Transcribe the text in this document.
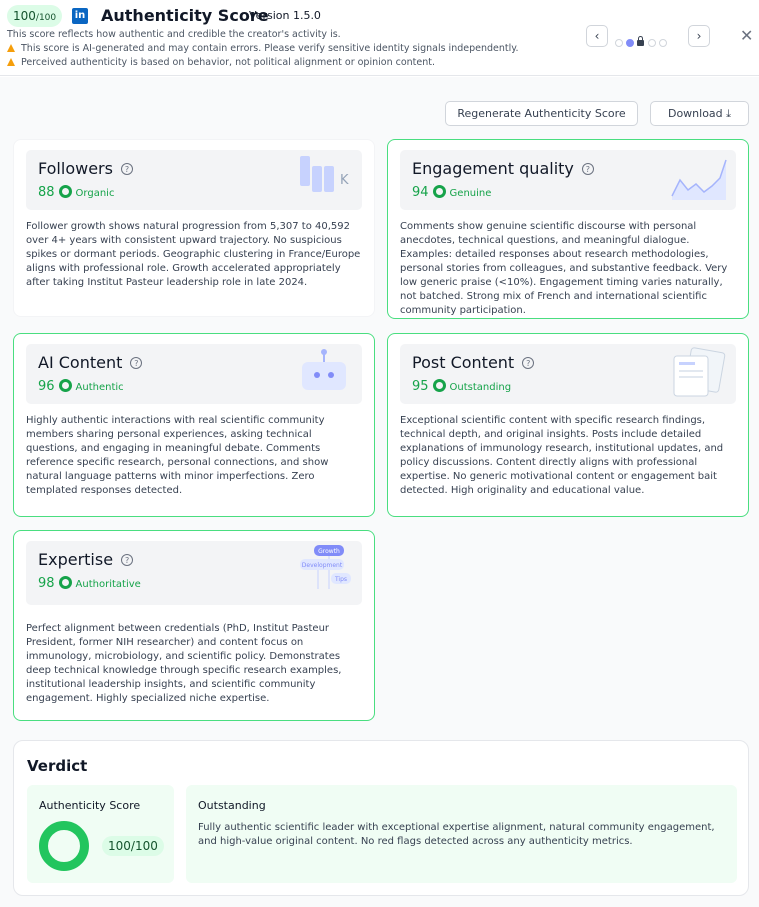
100/100	in Authenticity Score
Version 1.5.0
This score reflects how authentic and credible the creator's activity is.
This score is AI-generated and may contain errors. Please verify sensitive identity signals independently.
Perceived authenticity is based on behavior, not political alignment or opinion content.
‹	›	✕
Regenerate Authenticity Score	Download ⤓
Followers ?
88 Organic
K
Follower growth shows natural progression from 5,307 to 40,592 over 4+ years with consistent upward trajectory. No suspicious spikes or dormant periods. Geographic clustering in France/Europe aligns with professional role. Growth accelerated appropriately after taking Institut Pasteur leadership role in late 2024.
Engagement quality ?
94 Genuine
Comments show genuine scientific discourse with personal anecdotes, technical questions, and meaningful dialogue. Examples: detailed responses about research methodologies, personal stories from colleagues, and substantive feedback. Very low generic praise (<10%). Engagement timing varies naturally, not batched. Strong mix of French and international scientific community participation.
AI Content ?
96 Authentic
Highly authentic interactions with real scientific community members sharing personal experiences, asking technical questions, and engaging in meaningful debate. Comments reference specific research, personal connections, and show natural language patterns with minor imperfections. Zero templated responses detected.
Post Content ?
95 Outstanding
Exceptional scientific content with specific research findings, technical depth, and original insights. Posts include detailed explanations of immunology research, institutional updates, and policy discussions. Content directly aligns with professional expertise. No generic motivational content or engagement bait detected. High originality and educational value.
Expertise ?
98 Authoritative
Growth
Development
Tips
Perfect alignment between credentials (PhD, Institut Pasteur President, former NIH researcher) and content focus on immunology, microbiology, and scientific policy. Demonstrates deep technical knowledge through specific research examples, institutional leadership insights, and scientific community engagement. Highly specialized niche expertise.
Verdict
Authenticity Score
100/100
Outstanding
Fully authentic scientific leader with exceptional expertise alignment, natural community engagement, and high-value original content. No red flags detected across any authenticity metrics.
